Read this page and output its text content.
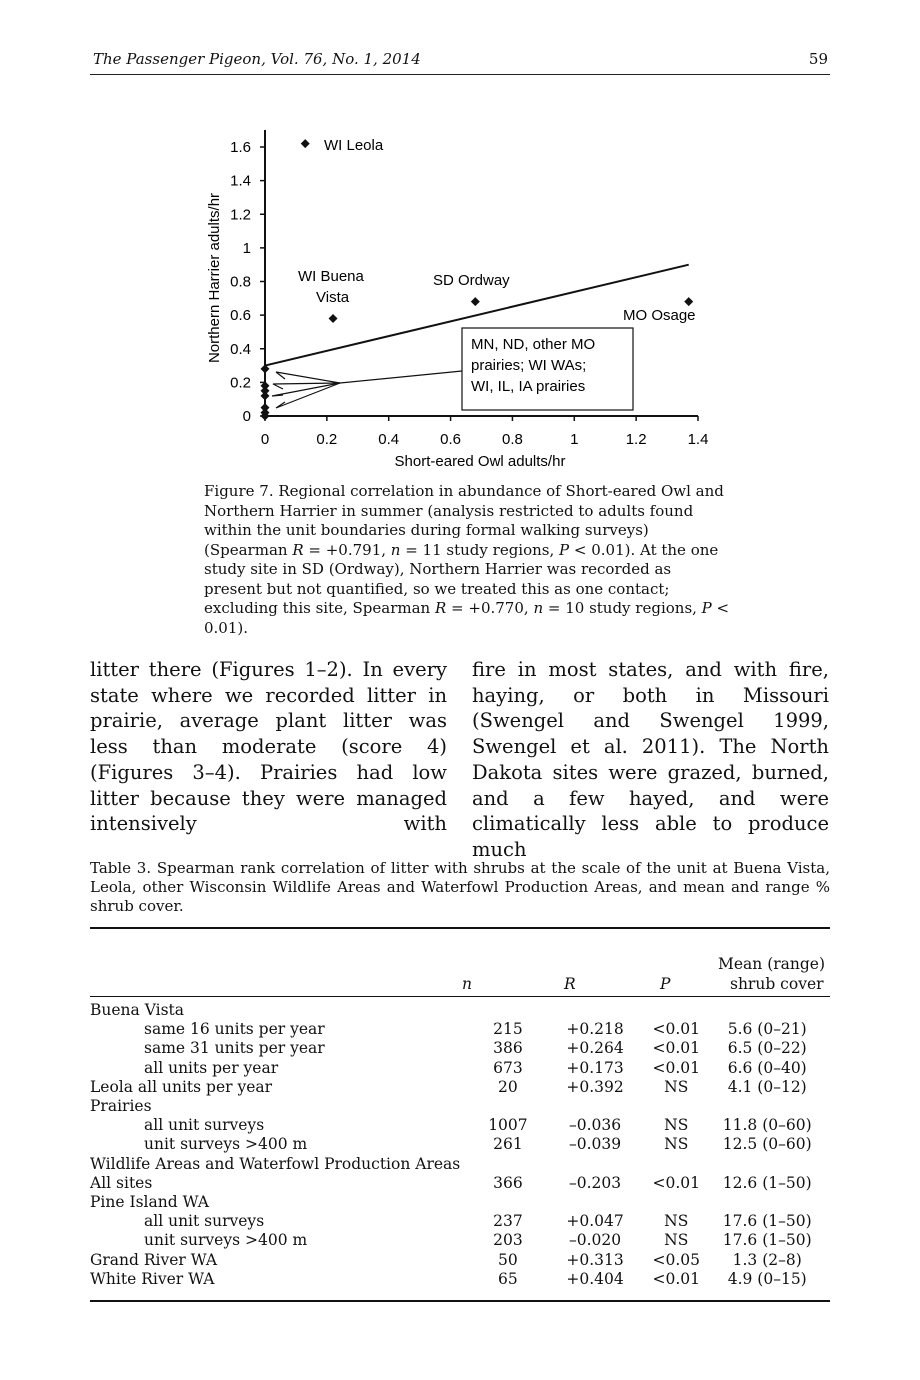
The Passenger Pigeon, Vol. 76, No. 1, 2014	59
0	0.2	0.4	0.6	0.8	1	1.2	1.4
0
0.2
0.4
0.6
0.8
1
1.2
1.4
1.6	WI Leola
WI Buena
Vista
SD Ordway
MO Osage
MN, ND, other MO
prairies; WI WAs;
WI, IL, IA prairies
Short-eared Owl adults/hr
Northern Harrier adults/hr
Figure 7. Regional correlation in abundance of Short-eared Owl and Northern Harrier in summer (analysis restricted to adults found within the unit boundaries during formal walking surveys) (Spearman R = +0.791, n = 11 study regions, P < 0.01). At the one study site in SD (Ordway), Northern Harrier was recorded as present but not quantified, so we treated this as one contact; excluding this site, Spearman R = +0.770, n = 10 study regions, P < 0.01).

litter there (Figures 1–2). In every state where we recorded litter in prairie, average plant litter was less than moderate (score 4) (Figures 3–4). Prairies had low litter because they were managed intensively with

fire in most states, and with fire, haying, or both in Missouri (Swengel and Swengel 1999, Swengel et al. 2011). The North Dakota sites were grazed, burned, and a few hayed, and were climatically less able to produce much

Table 3. Spearman rank correlation of litter with shrubs at the scale of the unit at Buena Vista, Leola, other Wisconsin Wildlife Areas and Waterfowl Production Areas, and mean and range % shrub cover.
n	R	P
Mean (range)
shrub cover
Buena Vista				
same 16 units per year	215	+0.218	<0.01	5.6 (0–21)
same 31 units per year	386	+0.264	<0.01	6.5 (0–22)
all units per year	673	+0.173	<0.01	6.6 (0–40)
Leola all units per year	20	+0.392	NS	4.1 (0–12)
Prairies				
all unit surveys	1007	–0.036	NS	11.8 (0–60)
unit surveys >400 m	261	–0.039	NS	12.5 (0–60)
Wildlife Areas and Waterfowl Production Areas				
All sites	366	–0.203	<0.01	12.6 (1–50)
Pine Island WA				
all unit surveys	237	+0.047	NS	17.6 (1–50)
unit surveys >400 m	203	–0.020	NS	17.6 (1–50)
Grand River WA	50	+0.313	<0.05	1.3 (2–8)
White River WA	65	+0.404	<0.01	4.9 (0–15)
